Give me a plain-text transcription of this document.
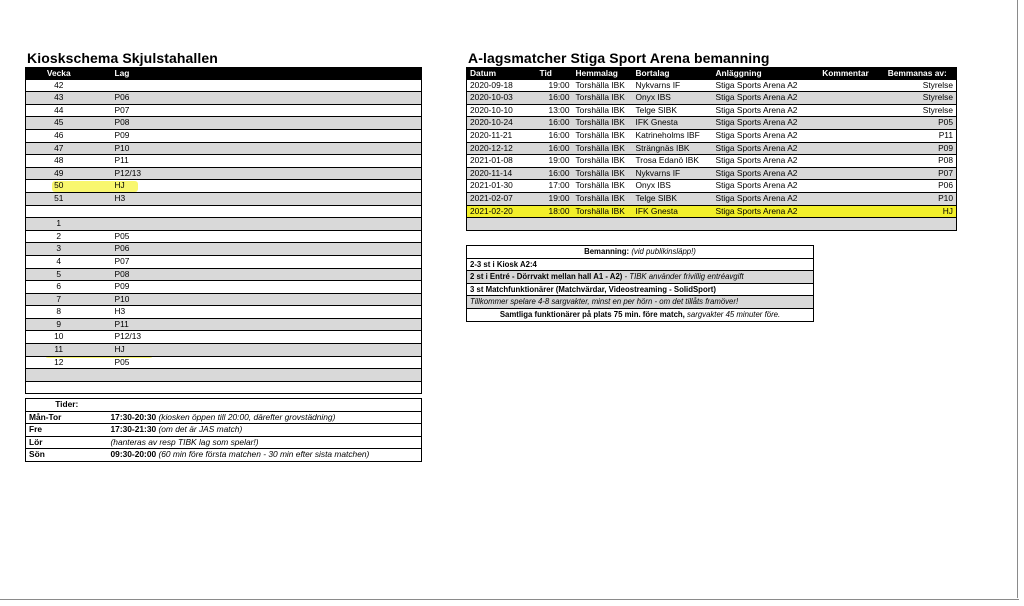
Kioskschema Skjulstahallen
Vecka		Lag
42		
43		P06
44		P07
45		P08
46		P09
47		P10
48		P11
49		P12/13
50		HJ
51		H3

1		
2		P05
3		P06
4		P07
5		P08
6		P09
7		P10
8		H3
9		P11
10		P12/13
11		HJ
12		P05

Tider:	
Mån-Tor	17:30-20:30 (kiosken öppen till 20:00, därefter grovstädning)
Fre	17:30-21:30 (om det är JAS match)
Lör	(hanteras av resp TIBK lag som spelar!)
Sön	09:30-20:00 (60 min före första matchen - 30 min efter sista matchen)
A-lagsmatcher Stiga Sport Arena bemanning
Datum	Tid	Hemmalag	Bortalag	Anläggning	Kommentar	Bemmanas av:
2020-09-18	19:00	Torshälla IBK	Nykvarns IF	Stiga Sports Arena A2		Styrelse
2020-10-03	16:00	Torshälla IBK	Onyx IBS	Stiga Sports Arena A2		Styrelse
2020-10-10	13:00	Torshälla IBK	Telge SIBK	Stiga Sports Arena A2		Styrelse
2020-10-24	16:00	Torshälla IBK	IFK Gnesta	Stiga Sports Arena A2		P05
2020-11-21	16:00	Torshälla IBK	Katrineholms IBF	Stiga Sports Arena A2		P11
2020-12-12	16:00	Torshälla IBK	Strängnäs IBK	Stiga Sports Arena A2		P09
2021-01-08	19:00	Torshälla IBK	Trosa Edanö IBK	Stiga Sports Arena A2		P08
2020-11-14	16:00	Torshälla IBK	Nykvarns IF	Stiga Sports Arena A2		P07
2021-01-30	17:00	Torshälla IBK	Onyx IBS	Stiga Sports Arena A2		P06
2021-02-07	19:00	Torshälla IBK	Telge SIBK	Stiga Sports Arena A2		P10
2021-02-20	18:00	Torshälla IBK	IFK Gnesta	Stiga Sports Arena A2		HJ

Bemanning: (vid publikinsläpp!)
2-3 st i Kiosk A2:4
2 st i Entré - Dörrvakt mellan hall A1 - A2) - TIBK använder frivillig entréavgift
3 st Matchfunktionärer (Matchvärdar, Videostreaming - SolidSport)
Tillkommer spelare 4-8 sargvakter, minst en per hörn - om det tillåts framöver!
Samtliga funktionärer på plats 75 min. före match, sargvakter 45 minuter före.
